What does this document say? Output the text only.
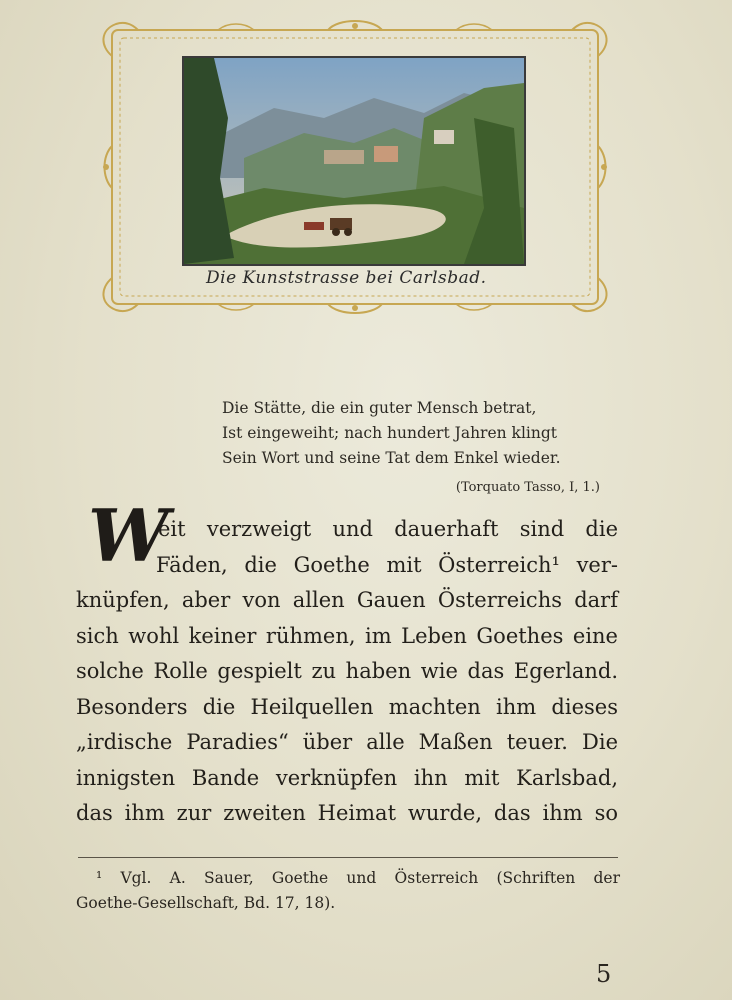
Die Kunststrasse bei Carlsbad.
Die Stätte, die ein guter Mensch betrat,
Ist eingeweiht; nach hundert Jahren klingt
Sein Wort und seine Tat dem Enkel wieder.
(Torquato Tasso, I, 1.)
W
eit verzweigt und dauerhaft sind die
Fäden, die Goethe mit Österreich¹ ver-
knüpfen, aber von allen Gauen Österreichs darf
sich wohl keiner rühmen, im Leben Goethes eine
solche Rolle gespielt zu haben wie das Egerland.
Besonders die Heilquellen machten ihm dieses
„irdische Paradies“ über alle Maßen teuer. Die
innigsten Bande verknüpfen ihn mit Karlsbad,
das ihm zur zweiten Heimat wurde, das ihm so
¹ Vgl. A. Sauer, Goethe und Österreich (Schriften der
Goethe-Gesellschaft, Bd. 17, 18).
5
